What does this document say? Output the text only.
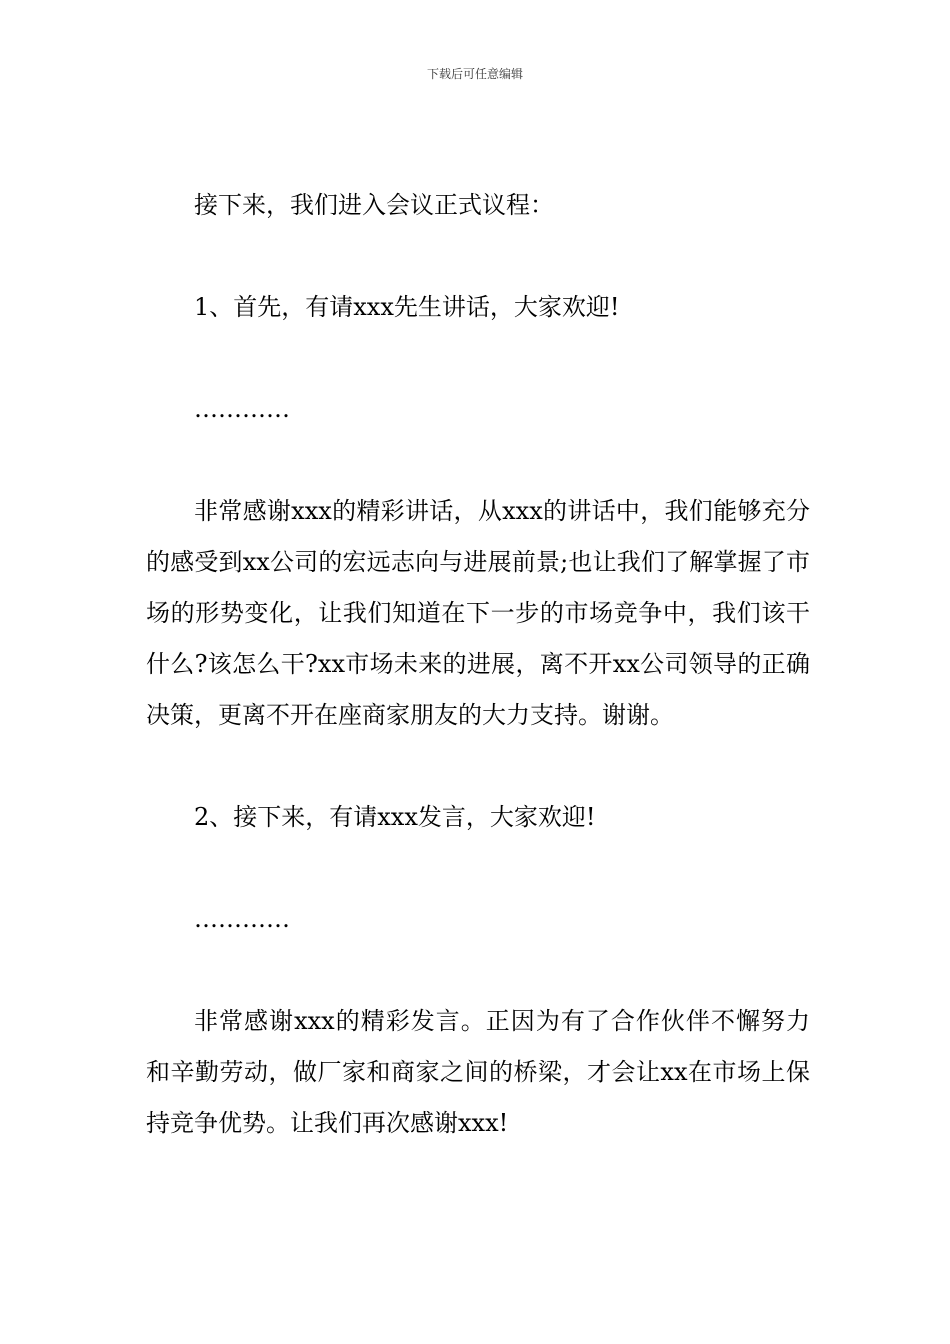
下载后可任意编辑

接下来，我们进入会议正式议程：

1、首先，有请xxx先生讲话，大家欢迎!

…………

非常感谢xxx的精彩讲话，从xxx的讲话中，我们能够充分的感受到xx公司的宏远志向与进展前景;也让我们了解掌握了市场的形势变化，让我们知道在下一步的市场竞争中，我们该干什么?该怎么干?xx市场未来的进展，离不开xx公司领导的正确决策，更离不开在座商家朋友的大力支持。谢谢。

2、接下来，有请xxx发言，大家欢迎!

…………

非常感谢xxx的精彩发言。正因为有了合作伙伴不懈努力和辛勤劳动，做厂家和商家之间的桥梁，才会让xx在市场上保持竞争优势。让我们再次感谢xxx!
